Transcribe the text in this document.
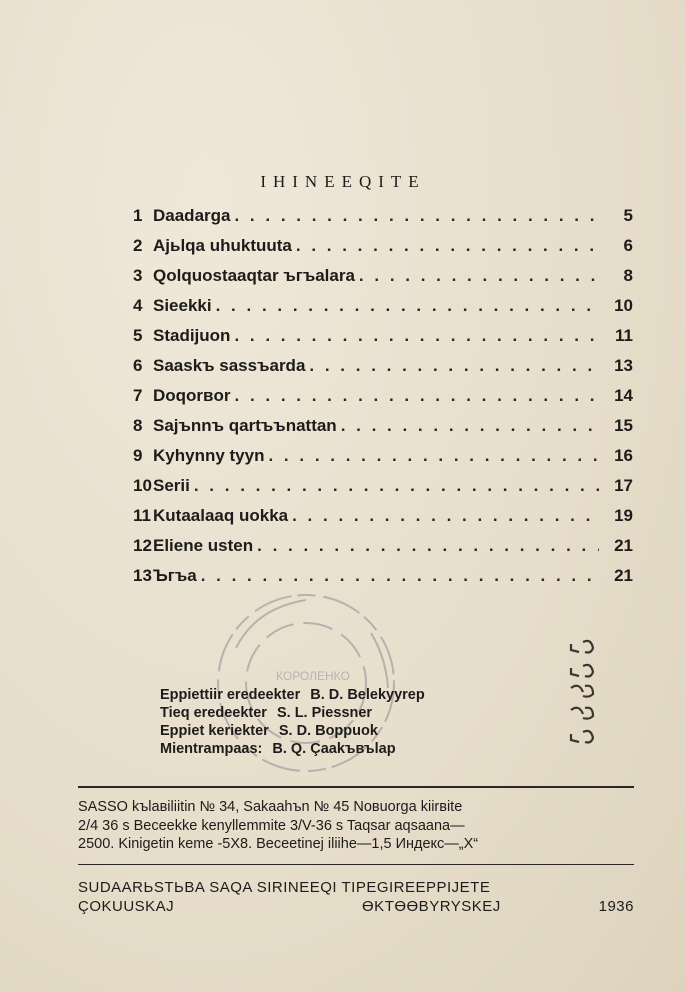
IHINEEQITE
1 Daadarga . . .	5
2 Ajьlqa uhuktuuta . . .	6
3 Qolquostaaqtar ъгъalara . . .	8
4 Sieekki . . .	10
5 Stadijuon . . .	11
6 Saaskъ sassъarda . . .	13
7 Doqorвor . . .	14
8 Sajъnnъ qartъъnattan . . .	15
9 Kyhynny tyyn . . .	16
10 Serii . . .	17
11 Kutaalaaq uokka . . .	19
12 Eliene usten . . .	21
13 Ъгъa . . .	21
КОРОЛЕНКО
Eppiettiir eredeekter B. D. Belekyyrep
Tieq eredeekter S. L. Piessner
Eppiet keriekter S. D. Boppuok
Mientrampaas: B. Q. Çaakъвъlap
SASSO kъlaвiliitin № 34, Sakaahъn № 45 Noвuorga kiirвite
2/4 36 s Вeceekke kenyllemmite 3/V-36 s Taqsar aqsaana—
2500. Kinigetin keme -5X8. Вeceetinej iliihe—1,5 Индекс—„Х“
SUDAARЬSTЬBA SAQA SIRINEEQI TIPEGIREEPPIJETE
ÇOKUUSKAJ	ӨKTӨӨВYRYSKEJ	1936
